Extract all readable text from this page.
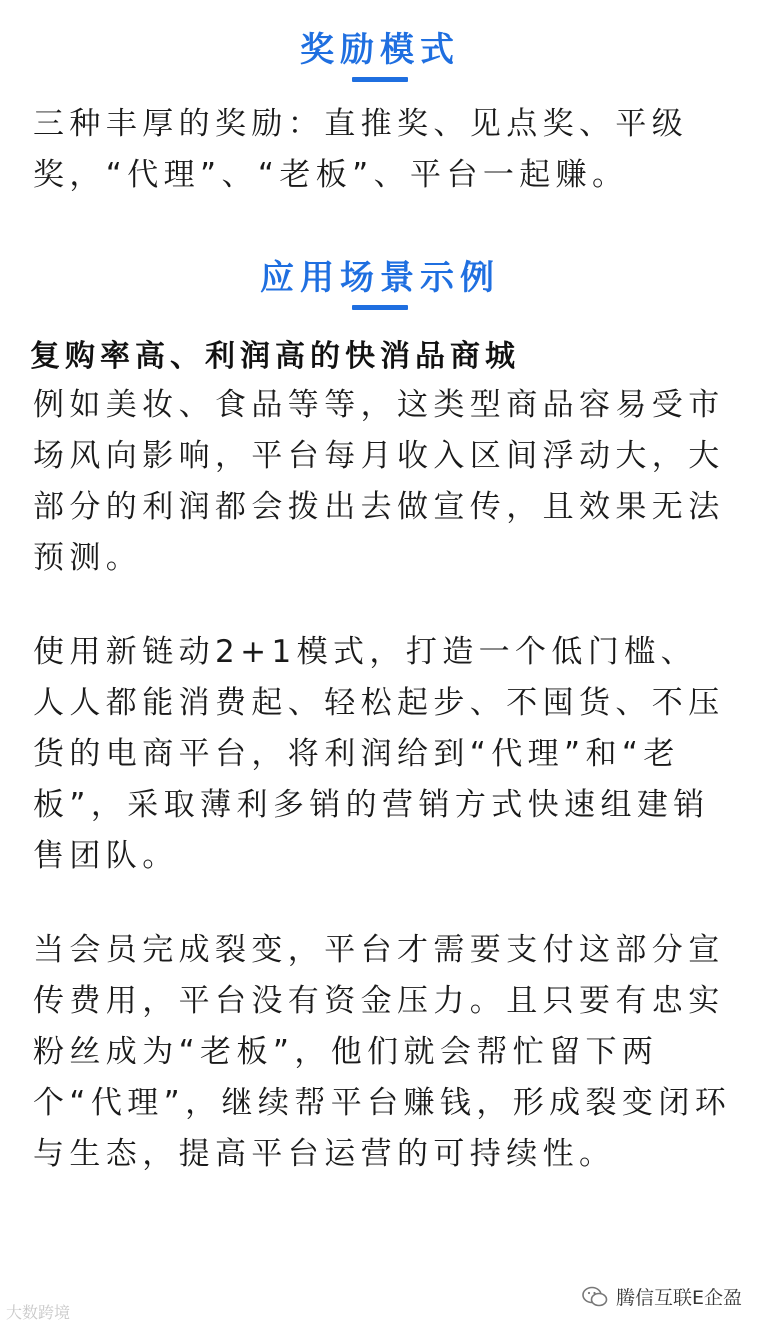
奖励模式
三种丰厚的奖励：直推奖、见点奖、平级奖，“代理”、“老板”、平台一起赚。
应用场景示例
复购率高、利润高的快消品商城
例如美妆、食品等等，这类型商品容易受市场风向影响，平台每月收入区间浮动大，大部分的利润都会拨出去做宣传，且效果无法预测。
使用新链动2+1模式，打造一个低门槛、人人都能消费起、轻松起步、不囤货、不压货的电商平台，将利润给到“代理”和“老板”，采取薄利多销的营销方式快速组建销售团队。
当会员完成裂变，平台才需要支付这部分宣传费用，平台没有资金压力。且只要有忠实粉丝成为“老板”，他们就会帮忙留下两个“代理”，继续帮平台赚钱，形成裂变闭环与生态，提高平台运营的可持续性。
大数跨境
腾信互联E企盈
